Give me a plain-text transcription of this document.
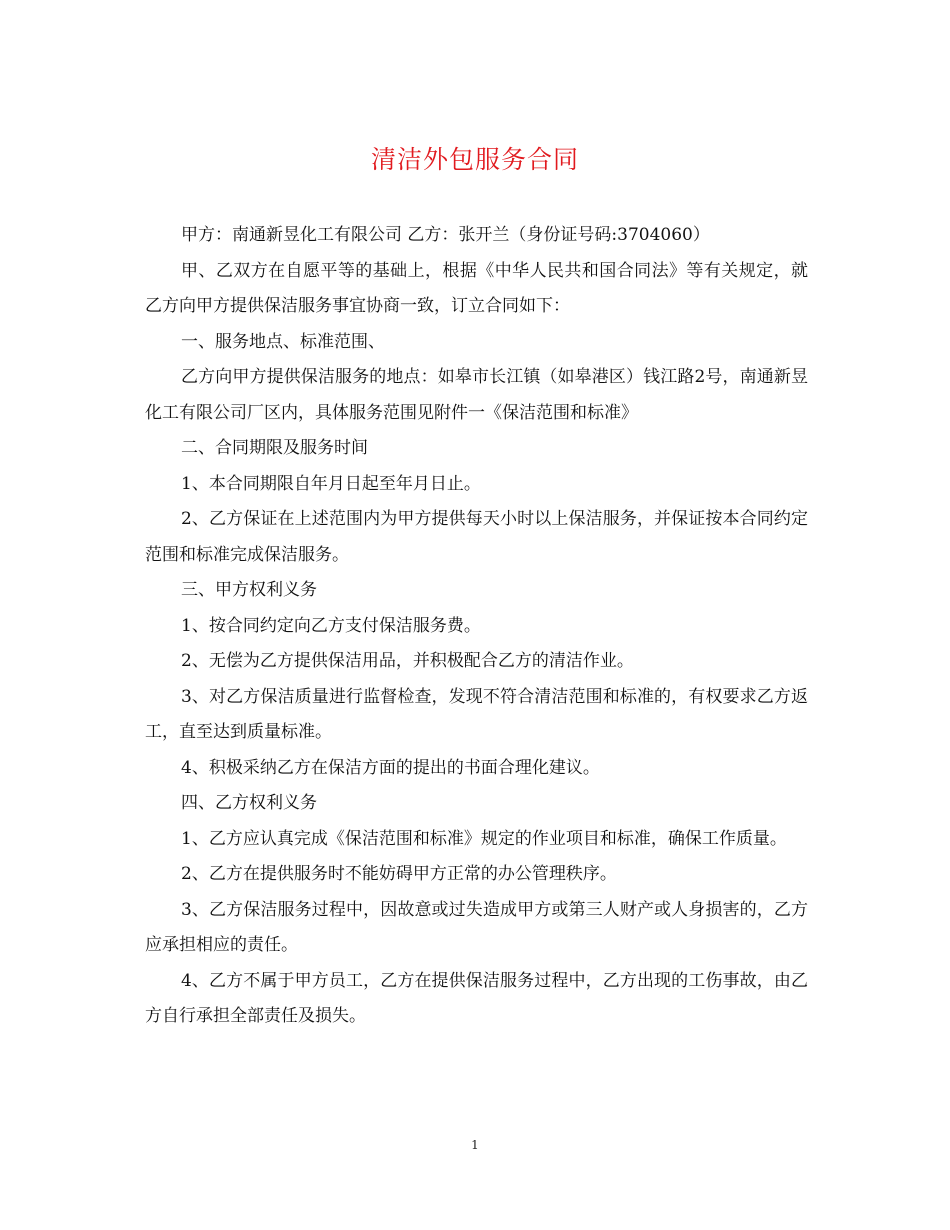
清洁外包服务合同

甲方：南通新昱化工有限公司 乙方：张开兰（身份证号码:3704060）

甲、乙双方在自愿平等的基础上，根据《中华人民共和国合同法》等有关规定，就乙方向甲方提供保洁服务事宜协商一致，订立合同如下：

一、服务地点、标准范围、

乙方向甲方提供保洁服务的地点：如皋市长江镇（如皋港区）钱江路2号，南通新昱化工有限公司厂区内，具体服务范围见附件一《保洁范围和标准》

二、合同期限及服务时间

1、本合同期限自年月日起至年月日止。

2、乙方保证在上述范围内为甲方提供每天小时以上保洁服务，并保证按本合同约定范围和标准完成保洁服务。

三、甲方权利义务

1、按合同约定向乙方支付保洁服务费。

2、无偿为乙方提供保洁用品，并积极配合乙方的清洁作业。

3、对乙方保洁质量进行监督检查，发现不符合清洁范围和标准的，有权要求乙方返工，直至达到质量标准。

4、积极采纳乙方在保洁方面的提出的书面合理化建议。

四、乙方权利义务

1、乙方应认真完成《保洁范围和标准》规定的作业项目和标准，确保工作质量。

2、乙方在提供服务时不能妨碍甲方正常的办公管理秩序。

3、乙方保洁服务过程中，因故意或过失造成甲方或第三人财产或人身损害的，乙方应承担相应的责任。

4、乙方不属于甲方员工，乙方在提供保洁服务过程中，乙方出现的工伤事故，由乙方自行承担全部责任及损失。

1
